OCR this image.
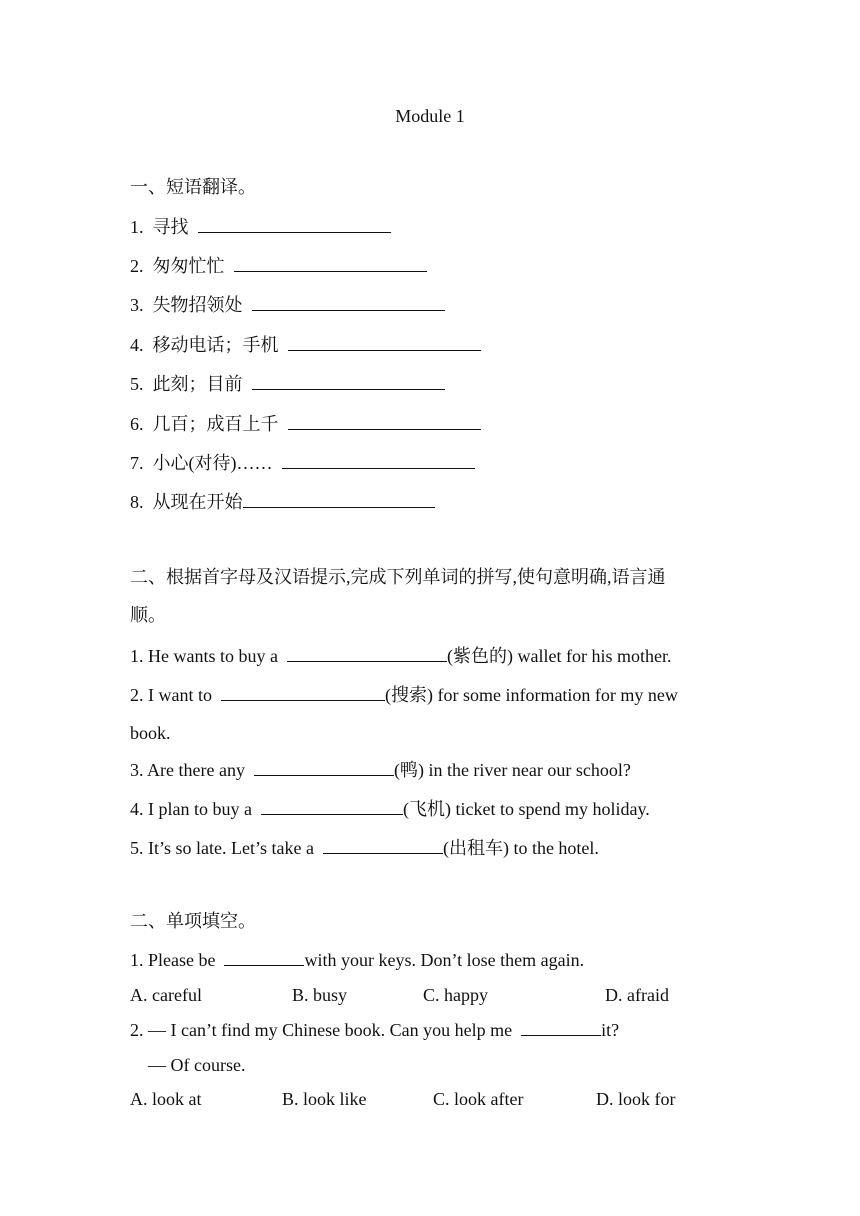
Module 1
一、短语翻译。
1. 寻找
2. 匆匆忙忙
3. 失物招领处
4. 移动电话；手机
5. 此刻；目前
6. 几百；成百上千
7. 小心(对待)……
8. 从现在开始
二、根据首字母及汉语提示,完成下列单词的拼写,使句意明确,语言通
顺。
1. He wants to buy a	(紫色的) wallet for his mother.
2. I want to	(搜索) for some information for my new
book.
3. Are there any	(鸭) in the river near our school?
4. I plan to buy a	(飞机) ticket to spend my holiday.
5. It’s so late. Let’s take a	(出租车) to the hotel.
二、单项填空。
1. Please be	with your keys. Don’t lose them again.
A. careful	B. busy	C. happy	D. afraid
2. — I can’t find my Chinese book. Can you help me	it?
— Of course.
A. look at	B. look like	C. look after	D. look for
